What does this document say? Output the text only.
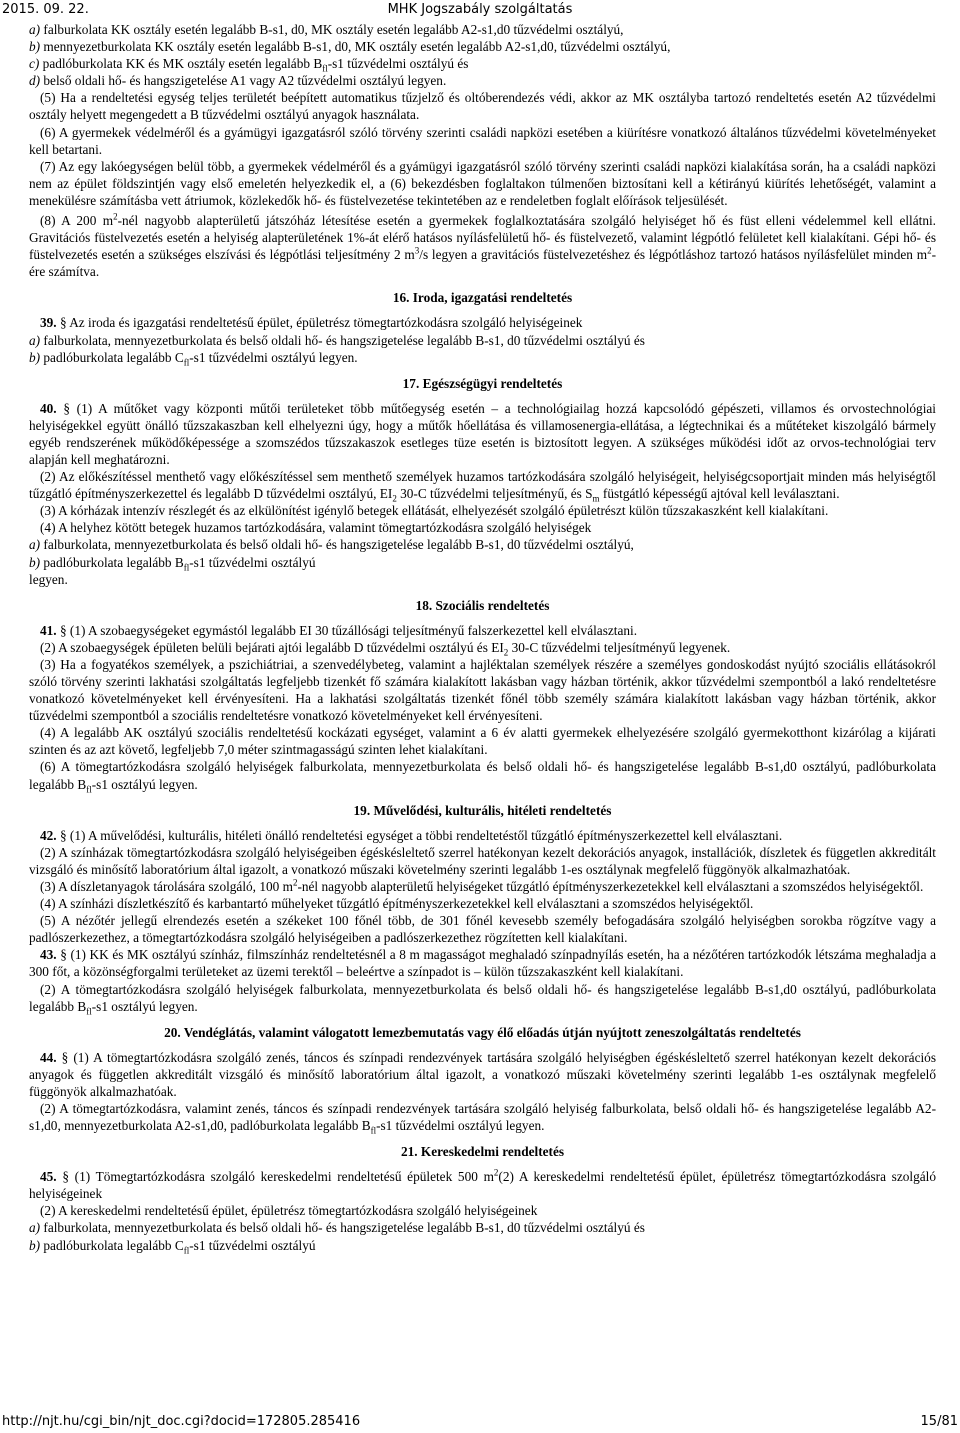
2015. 09. 22.	MHK Jogszabály szolgáltatás

a) falburkolata KK osztály esetén legalább B-s1, d0, MK osztály esetén legalább A2-s1,d0 tűzvédelmi osztályú,

b) mennyezetburkolata KK osztály esetén legalább B-s1, d0, MK osztály esetén legalább A2-s1,d0, tűzvédelmi osztályú,

c) padlóburkolata KK és MK osztály esetén legalább $B_{fl}-s1$ tűzvédelmi osztályú és

d) belső oldali hő- és hangszigetelése A1 vagy A2 tűzvédelmi osztályú legyen.

(5) Ha a rendeltetési egység teljes területét beépített automatikus tűzjelző és oltóberendezés védi, akkor az MK osztályba tartozó rendeltetés esetén A2 tűzvédelmi osztály helyett megengedett a B tűzvédelmi osztályú anyagok használata.

(6) A gyermekek védelméről és a gyámügyi igazgatásról szóló törvény szerinti családi napközi esetében a kiürítésre vonatkozó általános tűzvédelmi követelményeket kell betartani.

(7) Az egy lakóegységen belül több, a gyermekek védelméről és a gyámügyi igazgatásról szóló törvény szerinti családi napközi kialakítása során, ha a családi napközi nem az épület földszintjén vagy első emeletén helyezkedik el, a (6) bekezdésben foglaltakon túlmenően biztosítani kell a kétirányú kiürítés lehetőségét, valamint a menekülésre számításba vett átriumok, közlekedők hő- és füstelvezetése tekintetében az e rendeletben foglalt előírások teljesülését.

(8) A 200 $m^2$-nél nagyobb alapterületű játszóház létesítése esetén a gyermekek foglalkoztatására szolgáló helyiséget hő és füst elleni védelemmel kell ellátni. Gravitációs füstelvezetés esetén a helyiség alapterületének 1%-át elérő hatásos nyílásfelületű hő- és füstelvezető, valamint légpótló felületet kell kialakítani. Gépi hő- és füstelvezetés esetén a szükséges elszívási és légpótlási teljesítmény 2 $m^3/s$ legyen a gravitációs füstelvezetéshez és légpótláshoz tartozó hatásos nyílásfelület minden $m^2$-ére számítva.

16. Iroda, igazgatási rendeltetés

39. § Az iroda és igazgatási rendeltetésű épület, épületrész tömegtartózkodásra szolgáló helyiségeinek

a) falburkolata, mennyezetburkolata és belső oldali hő- és hangszigetelése legalább B-s1, d0 tűzvédelmi osztályú és

b) padlóburkolata legalább $C_{fl}-s1$ tűzvédelmi osztályú legyen.

17. Egészségügyi rendeltetés

40. § (1) A műtőket vagy központi műtői területeket több műtőegység esetén – a technológiailag hozzá kapcsolódó gépészeti, villamos és orvostechnológiai helyiségekkel együtt önálló tűzszakaszban kell elhelyezni úgy, hogy a műtők hőellátása és villamosenergia-ellátása, a légtechnikai és a műtéteket kiszolgáló bármely egyéb rendszerének működőképessége a szomszédos tűzszakaszok esetleges tüze esetén is biztosított legyen. A szükséges működési időt az orvos-technológiai terv alapján kell meghatározni.

(2) Az előkészítéssel menthető vagy előkészítéssel sem menthető személyek huzamos tartózkodására szolgáló helyiségeit, helyiségcsoportjait minden más helyiségtől tűzgátló építményszerkezettel és legalább D tűzvédelmi osztályú, $EI_2$ 30-C tűzvédelmi teljesítményű, és $S_m$ füstgátló képességű ajtóval kell leválasztani.

(3) A kórházak intenzív részlegét és az elkülönítést igénylő betegek ellátását, elhelyezését szolgáló épületrészt külön tűzszakaszként kell kialakítani.

(4) A helyhez kötött betegek huzamos tartózkodására, valamint tömegtartózkodásra szolgáló helyiségek

a) falburkolata, mennyezetburkolata és belső oldali hő- és hangszigetelése legalább B-s1, d0 tűzvédelmi osztályú,

b) padlóburkolata legalább $B_{fl}-s1$ tűzvédelmi osztályú

legyen.

18. Szociális rendeltetés

41. § (1) A szobaegységeket egymástól legalább EI 30 tűzállósági teljesítményű falszerkezettel kell elválasztani.

(2) A szobaegységek épületen belüli bejárati ajtói legalább D tűzvédelmi osztályú és $EI_2$ 30-C tűzvédelmi teljesítményű legyenek.

(3) Ha a fogyatékos személyek, a pszichiátriai, a szenvedélybeteg, valamint a hajléktalan személyek részére a személyes gondoskodást nyújtó szociális ellátásokról szóló törvény szerinti lakhatási szolgáltatás legfeljebb tizenkét fő számára kialakított lakásban vagy házban történik, akkor tűzvédelmi szempontból a lakó rendeltetésre vonatkozó követelményeket kell érvényesíteni. Ha a lakhatási szolgáltatás tizenkét főnél több személy számára kialakított lakásban vagy házban történik, akkor tűzvédelmi szempontból a szociális rendeltetésre vonatkozó követelményeket kell érvényesíteni.

(4) A legalább AK osztályú szociális rendeltetésű kockázati egységet, valamint a 6 év alatti gyermekek elhelyezésére szolgáló gyermekotthont kizárólag a kijárati szinten és az azt követő, legfeljebb 7,0 méter szintmagasságú szinten lehet kialakítani.

(6) A tömegtartózkodásra szolgáló helyiségek falburkolata, mennyezetburkolata és belső oldali hő- és hangszigetelése legalább B-s1,d0 osztályú, padlóburkolata legalább $B_{fl}-s1$ osztályú legyen.

19. Művelődési, kulturális, hitéleti rendeltetés

42. § (1) A művelődési, kulturális, hitéleti önálló rendeltetési egységet a többi rendeltetéstől tűzgátló építményszerkezettel kell elválasztani.

(2) A színházak tömegtartózkodásra szolgáló helyiségeiben égéskésleltető szerrel hatékonyan kezelt dekorációs anyagok, installációk, díszletek és független akkreditált vizsgáló és minősítő laboratórium által igazolt, a vonatkozó műszaki követelmény szerinti legalább 1-es osztálynak megfelelő függönyök alkalmazhatóak.

(3) A díszletanyagok tárolására szolgáló, 100 $m^2$-nél nagyobb alapterületű helyiségeket tűzgátló építményszerkezetekkel kell elválasztani a szomszédos helyiségektől.

(4) A színházi díszletkészítő és karbantartó műhelyeket tűzgátló építményszerkezetekkel kell elválasztani a szomszédos helyiségektől.

(5) A nézőtér jellegű elrendezés esetén a székeket 100 főnél több, de 301 főnél kevesebb személy befogadására szolgáló helyiségben sorokba rögzítve vagy a padlószerkezethez, a tömegtartózkodásra szolgáló helyiségeiben a padlószerkezethez rögzítetten kell kialakítani.

43. § (1) KK és MK osztályú színház, filmszínház rendeltetésnél a 8 m magasságot meghaladó színpadnyílás esetén, ha a nézőtéren tartózkodók létszáma meghaladja a 300 főt, a közönségforgalmi területeket az üzemi terektől – beleértve a színpadot is – külön tűzszakaszként kell kialakítani.

(2) A tömegtartózkodásra szolgáló helyiségek falburkolata, mennyezetburkolata és belső oldali hő- és hangszigetelése legalább B-s1,d0 osztályú, padlóburkolata legalább $B_{fl}-s1$ osztályú legyen.

20. Vendéglátás, valamint válogatott lemezbemutatás vagy élő előadás útján nyújtott zeneszolgáltatás rendeltetés

44. § (1) A tömegtartózkodásra szolgáló zenés, táncos és színpadi rendezvények tartására szolgáló helyiségben égéskésleltető szerrel hatékonyan kezelt dekorációs anyagok és független akkreditált vizsgáló és minősítő laboratórium által igazolt, a vonatkozó műszaki követelmény szerinti legalább 1-es osztálynak megfelelő függönyök alkalmazhatóak.

(2) A tömegtartózkodásra, valamint zenés, táncos és színpadi rendezvények tartására szolgáló helyiség falburkolata, belső oldali hő- és hangszigetelése legalább A2-s1,d0, mennyezetburkolata A2-s1,d0, padlóburkolata legalább $B_{fl}-s1$ tűzvédelmi osztályú legyen.

21. Kereskedelmi rendeltetés

45. § (1) Tömegtartózkodásra szolgáló kereskedelmi rendeltetésű épületek 500 $m^2(2)$ A kereskedelmi rendeltetésű épület, épületrész tömegtartózkodásra szolgáló helyiségeinek

(2) A kereskedelmi rendeltetésű épület, épületrész tömegtartózkodásra szolgáló helyiségeinek

a) falburkolata, mennyezetburkolata és belső oldali hő- és hangszigetelése legalább B-s1, d0 tűzvédelmi osztályú és

b) padlóburkolata legalább $C_{fl}-s1$ tűzvédelmi osztályú

http://njt.hu/cgi_bin/njt_doc.cgi?docid=172805.285416	15/81
